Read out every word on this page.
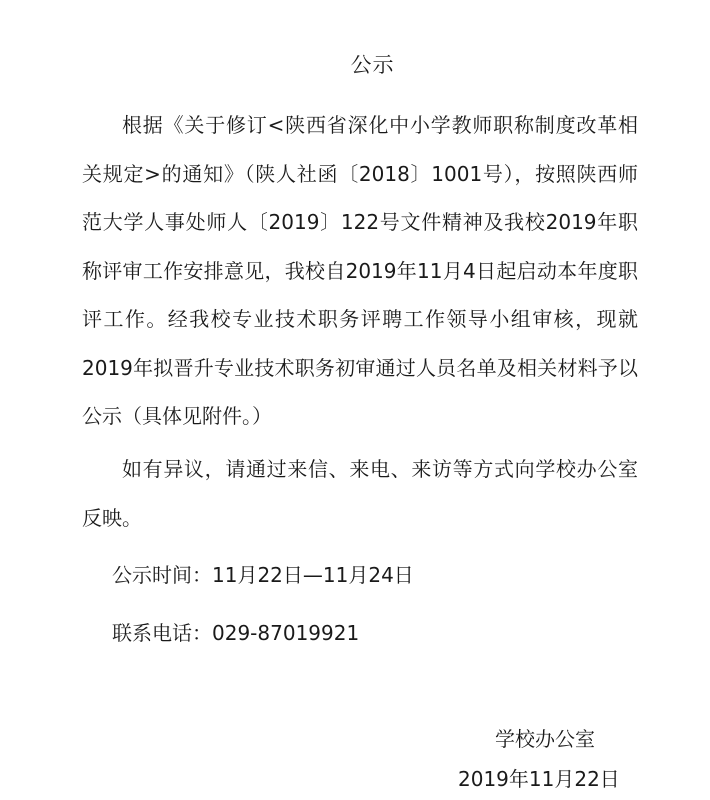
公示

根据《关于修订<陕西省深化中小学教师职称制度改革相关规定>的通知》（陕人社函〔2018〕1001号），按照陕西师范大学人事处师人〔2019〕122号文件精神及我校2019年职称评审工作安排意见，我校自2019年11月4日起启动本年度职评工作。经我校专业技术职务评聘工作领导小组审核，现就2019年拟晋升专业技术职务初审通过人员名单及相关材料予以公示（具体见附件。）

如有异议，请通过来信、来电、来访等方式向学校办公室反映。

公示时间：11月22日—11月24日
联系电话：029-87019921
学校办公室
2019年11月22日
